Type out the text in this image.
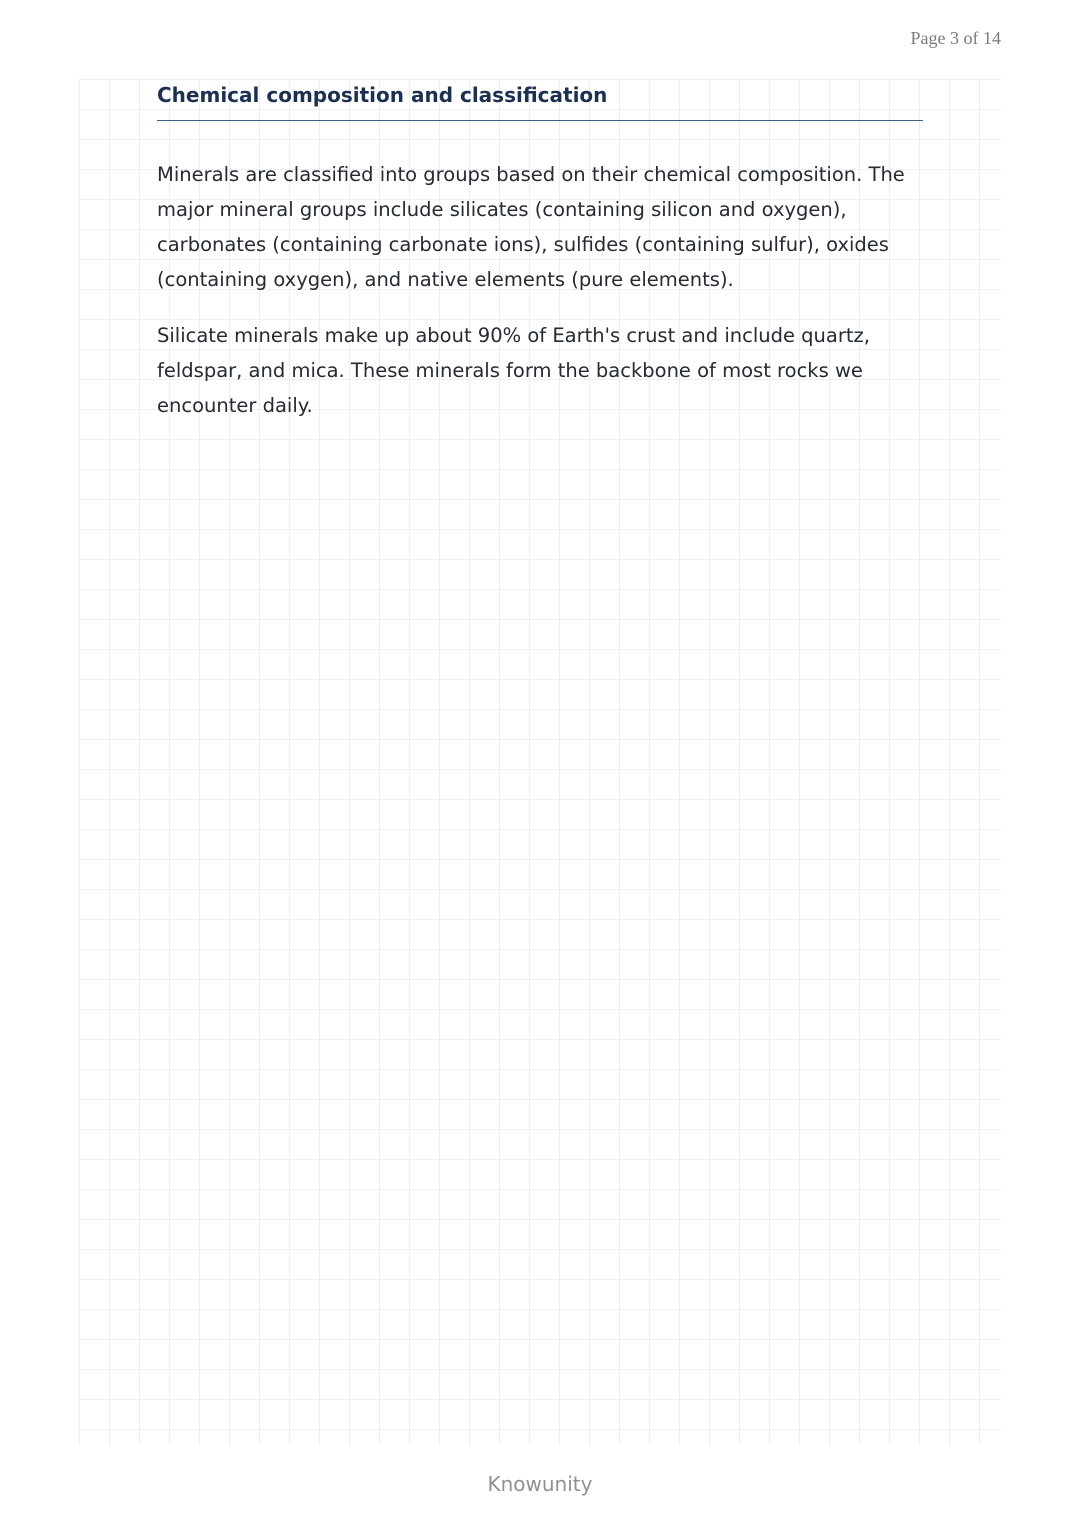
Page 3 of 14
Chemical composition and classification

Minerals are classified into groups based on their chemical composition. The major mineral groups include silicates (containing silicon and oxygen), carbonates (containing carbonate ions), sulfides (containing sulfur), oxides (containing oxygen), and native elements (pure elements).

Silicate minerals make up about 90% of Earth's crust and include quartz, feldspar, and mica. These minerals form the backbone of most rocks we encounter daily.

Knowunity
